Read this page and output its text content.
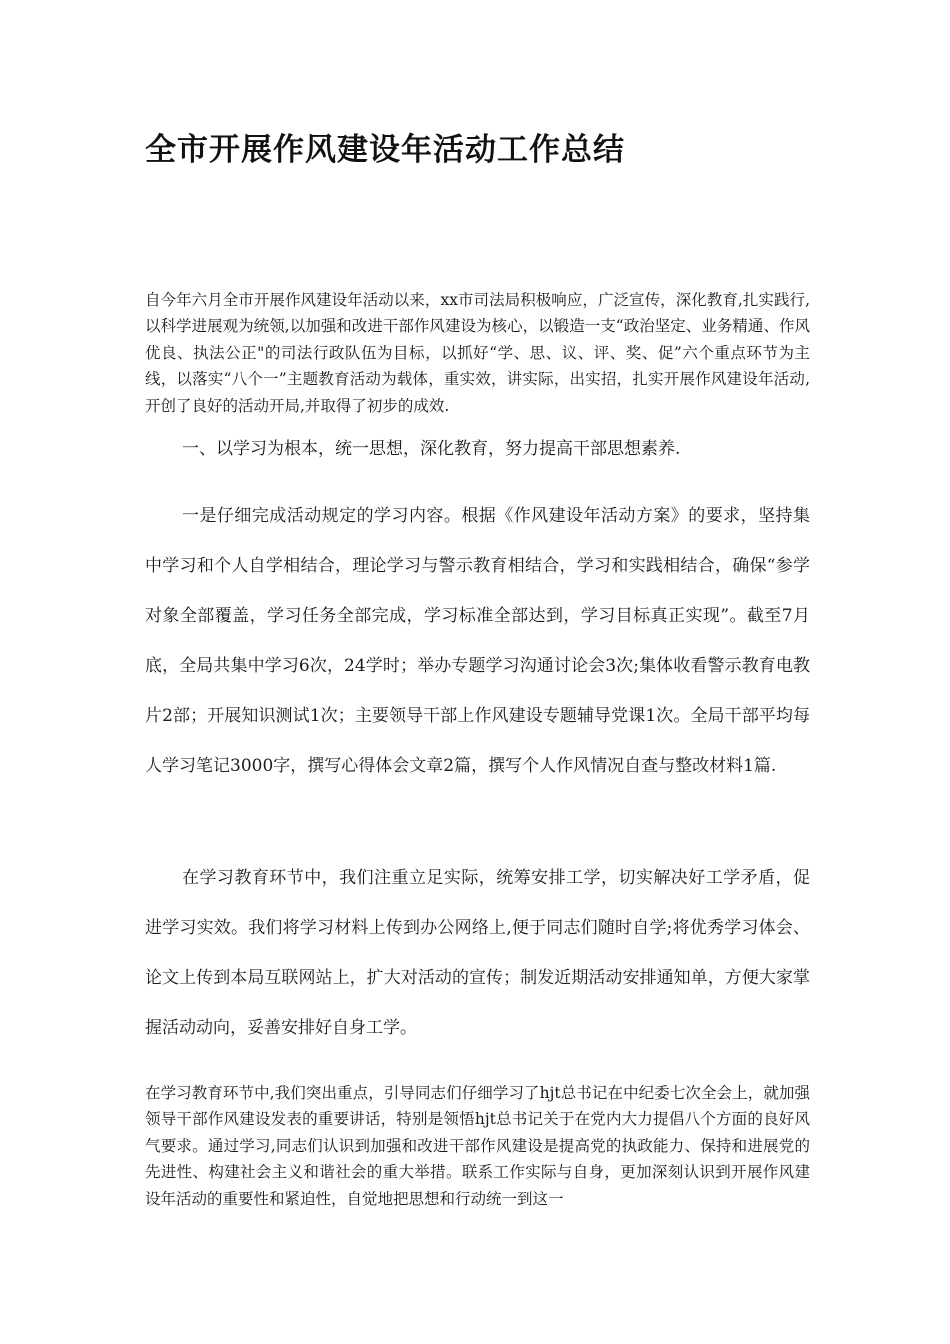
全市开展作风建设年活动工作总结

自今年六月全市开展作风建设年活动以来，xx市司法局积极响应，广泛宣传，深化教育,扎实践行,以科学进展观为统领,以加强和改进干部作风建设为核心，以锻造一支“政治坚定、业务精通、作风优良、执法公正"的司法行政队伍为目标，以抓好“学、思、议、评、奖、促”六个重点环节为主线，以落实“八个一”主题教育活动为载体，重实效，讲实际，出实招，扎实开展作风建设年活动,开创了良好的活动开局,并取得了初步的成效.

一、以学习为根本，统一思想，深化教育，努力提高干部思想素养.

一是仔细完成活动规定的学习内容。根据《作风建设年活动方案》的要求，坚持集中学习和个人自学相结合，理论学习与警示教育相结合，学习和实践相结合，确保“参学对象全部覆盖，学习任务全部完成，学习标准全部达到，学习目标真正实现”。截至7月底，全局共集中学习6次，24学时；举办专题学习沟通讨论会3次;集体收看警示教育电教片2部；开展知识测试1次；主要领导干部上作风建设专题辅导党课1次。全局干部平均每人学习笔记3000字，撰写心得体会文章2篇，撰写个人作风情况自查与整改材料1篇.

在学习教育环节中，我们注重立足实际，统筹安排工学，切实解决好工学矛盾，促进学习实效。我们将学习材料上传到办公网络上,便于同志们随时自学;将优秀学习体会、论文上传到本局互联网站上，扩大对活动的宣传；制发近期活动安排通知单，方便大家掌握活动动向，妥善安排好自身工学。

在学习教育环节中,我们突出重点，引导同志们仔细学习了hjt总书记在中纪委七次全会上，就加强领导干部作风建设发表的重要讲话，特别是领悟hjt总书记关于在党内大力提倡八个方面的良好风气要求。通过学习,同志们认识到加强和改进干部作风建设是提高党的执政能力、保持和进展党的先进性、构建社会主义和谐社会的重大举措。联系工作实际与自身，更加深刻认识到开展作风建设年活动的重要性和紧迫性，自觉地把思想和行动统一到这一
